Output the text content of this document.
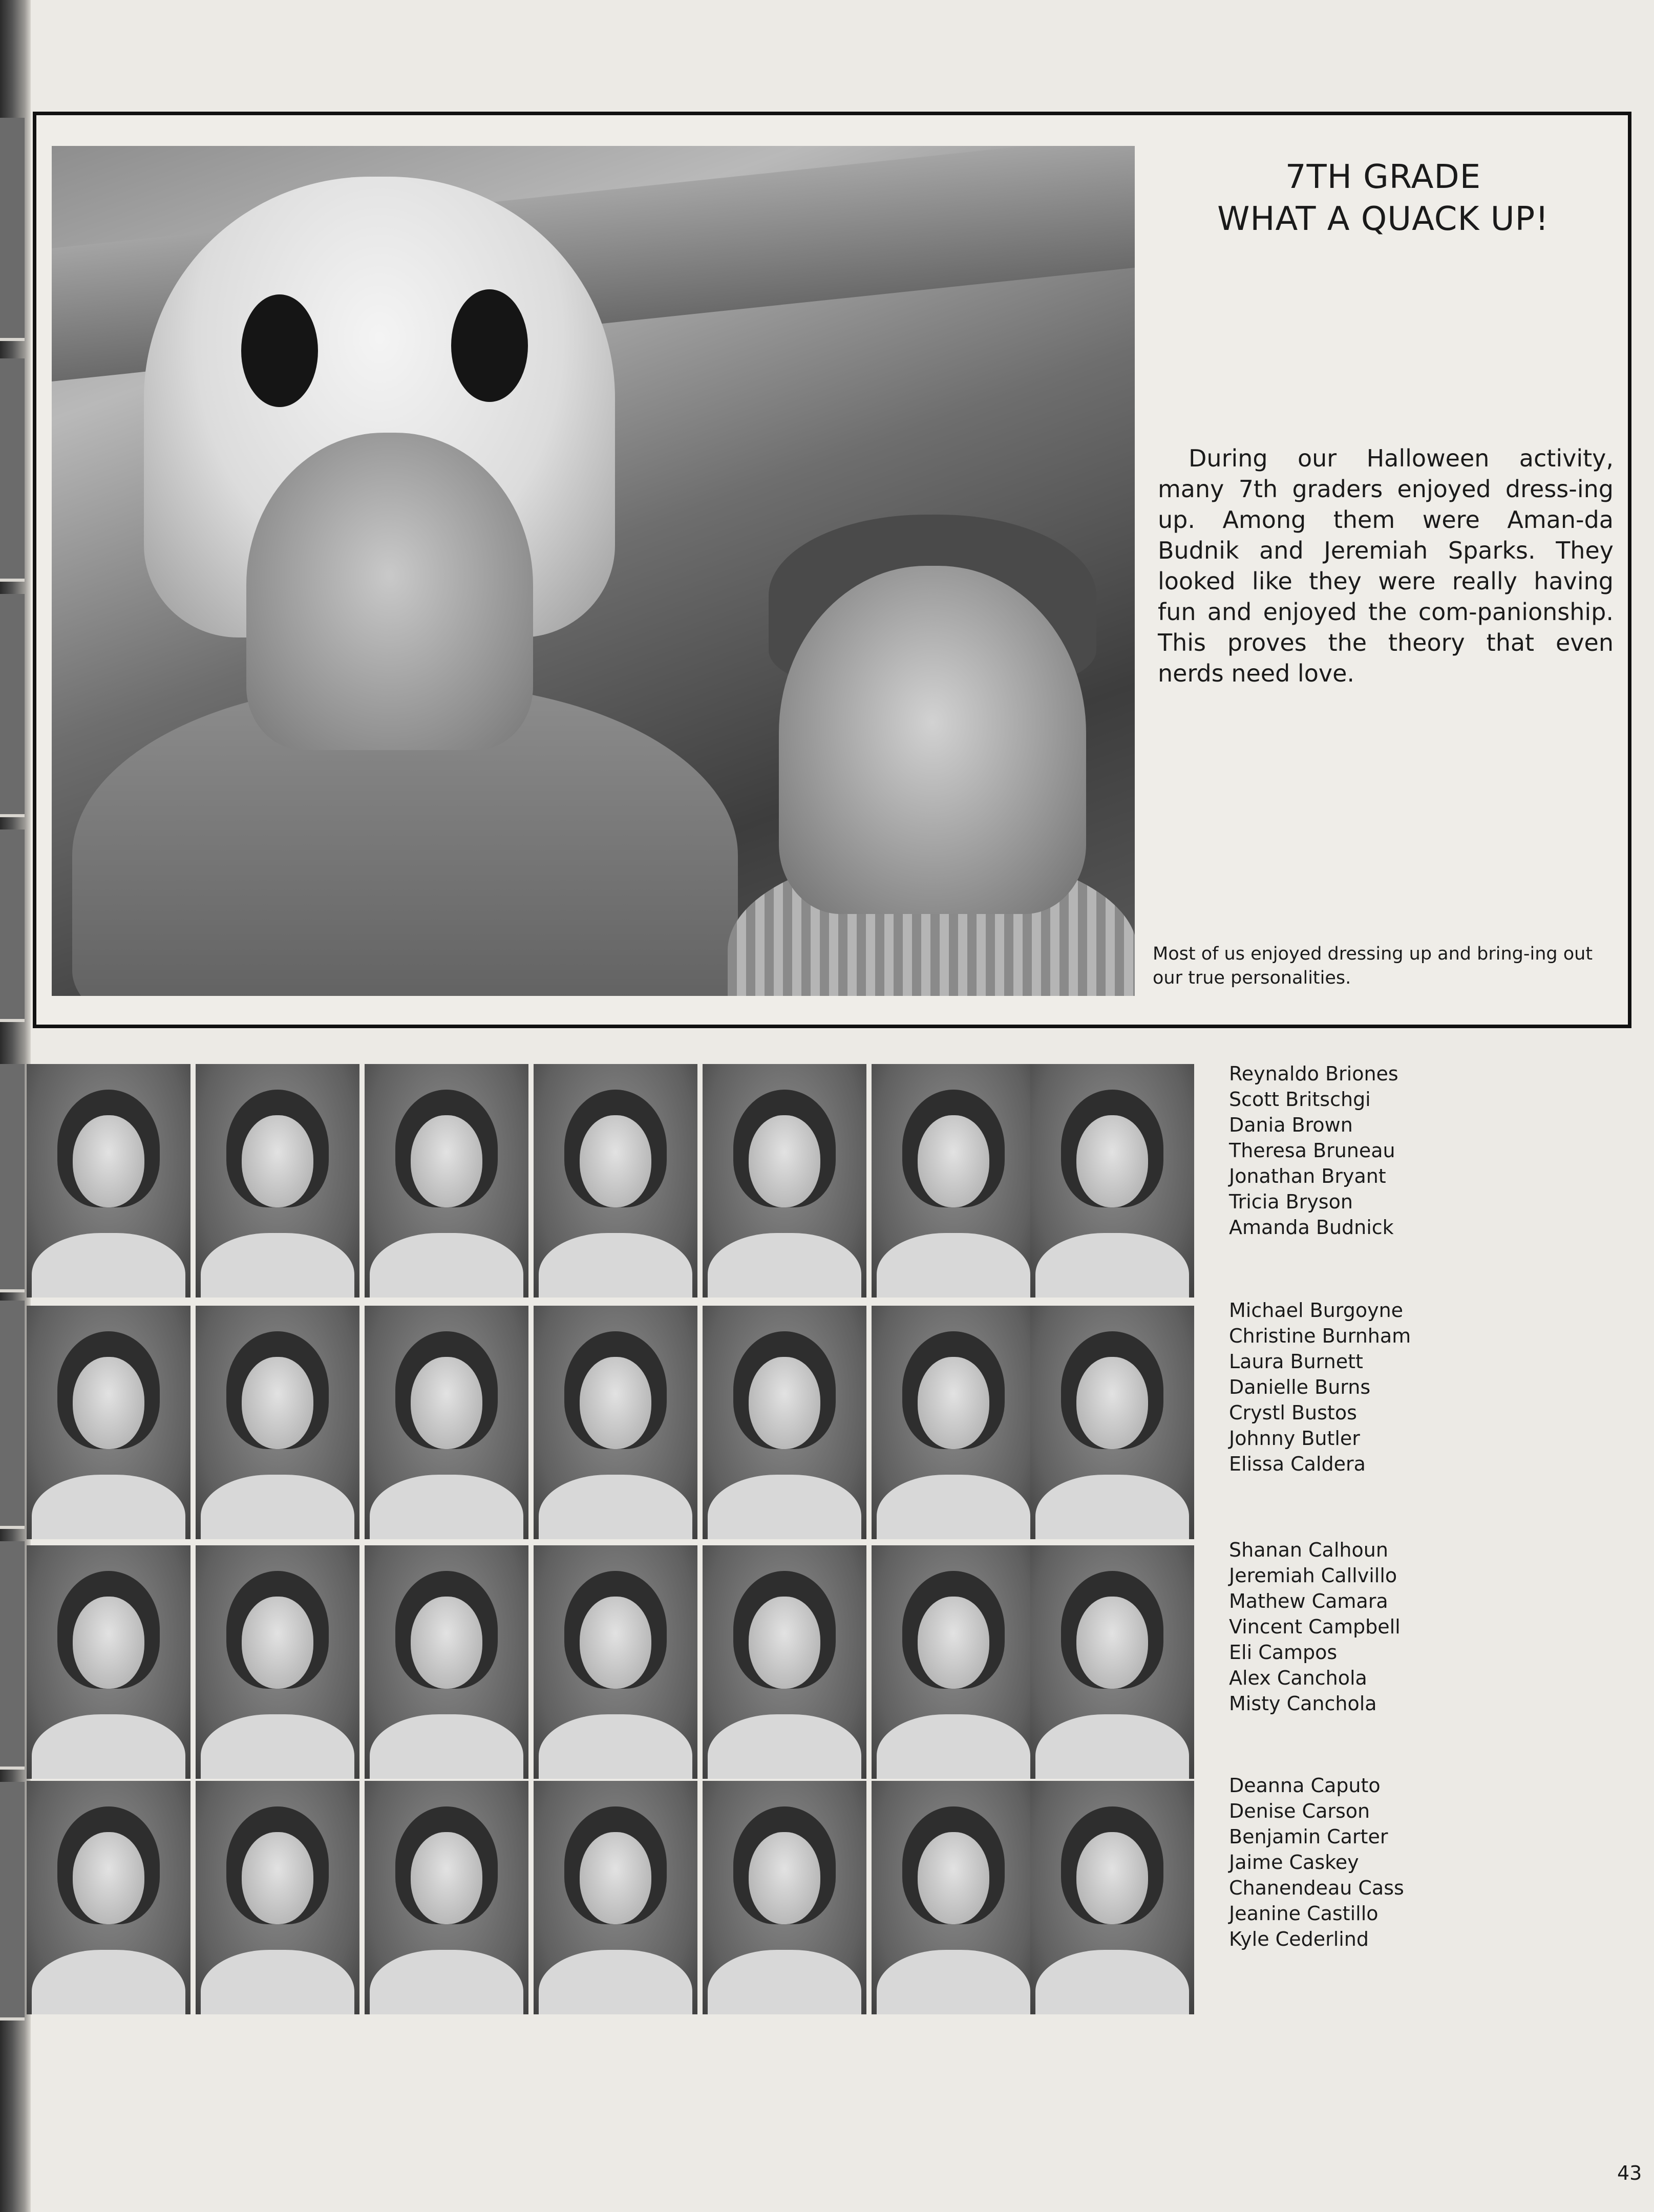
7TH GRADE
WHAT A QUACK UP!
During our Halloween activity, many 7th graders enjoyed dress-ing up. Among them were Aman-da Budnik and Jeremiah Sparks. They looked like they were really having fun and enjoyed the com-panionship. This proves the theory that even nerds need love.
Most of us enjoyed dressing up and bring-ing out our true personalities.
Reynaldo Briones
Scott Britschgi
Dania Brown
Theresa Bruneau
Jonathan Bryant
Tricia Bryson
Amanda Budnick
Michael Burgoyne
Christine Burnham
Laura Burnett
Danielle Burns
Crystl Bustos
Johnny Butler
Elissa Caldera
Shanan Calhoun
Jeremiah Callvillo
Mathew Camara
Vincent Campbell
Eli Campos
Alex Canchola
Misty Canchola
Deanna Caputo
Denise Carson
Benjamin Carter
Jaime Caskey
Chanendeau Cass
Jeanine Castillo
Kyle Cederlind
43
